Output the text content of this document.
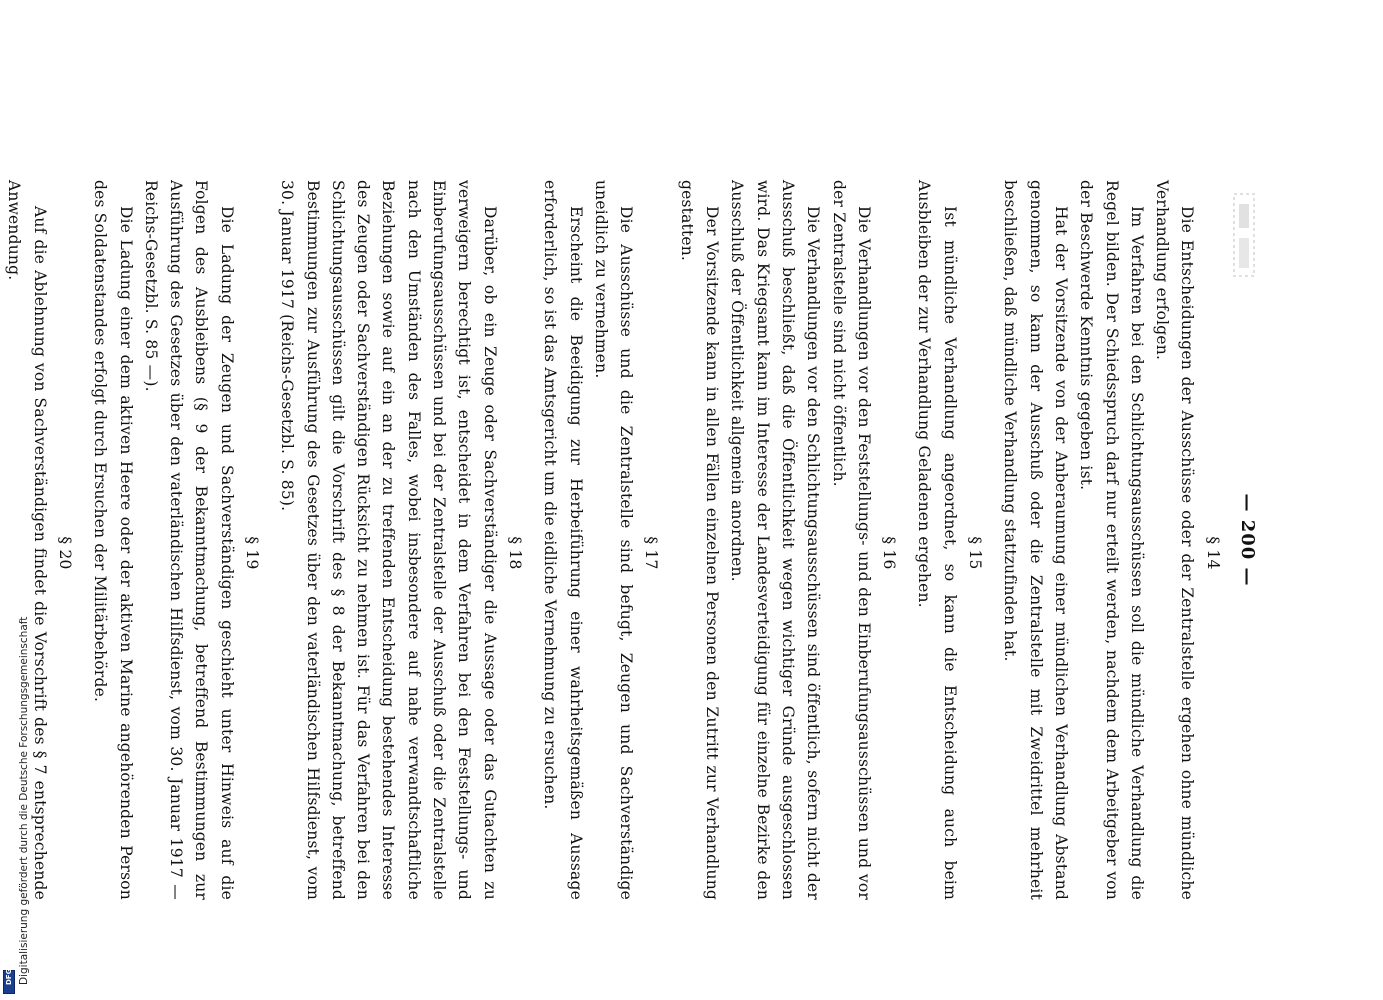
Digitalisierung gefördert durch die Deutsche Forschungsgemeinschaft
DFG
— 200 —

§ 14

Die Entscheidungen der Ausschüsse oder der Zentralstelle ergehen ohne mündliche Verhandlung erfolgen.

Im Verfahren bei den Schlichtungsausschüssen soll die mündliche Verhandlung die Regel bilden. Der Schiedsspruch darf nur erteilt werden, nachdem dem Arbeitgeber von der Beschwerde Kenntnis gegeben ist.

Hat der Vorsitzende von der Anberaumung einer mündlichen Verhandlung Abstand genommen, so kann der Ausschuß oder die Zentralstelle mit Zweidrittel mehrheit beschließen, daß mündliche Verhandlung stattzufinden hat.

§ 15

Ist mündliche Verhandlung angeordnet, so kann die Entscheidung auch beim Ausbleiben der zur Verhandlung Geladenen ergehen.

§ 16

Die Verhandlungen vor den Feststellungs- und den Einberufungsausschüssen und vor der Zentralstelle sind nicht öffentlich.

Die Verhandlungen vor den Schlichtungsausschüssen sind öffentlich, sofern nicht der Ausschuß beschließt, daß die Öffentlichkeit wegen wichtiger Gründe ausgeschlossen wird. Das Kriegsamt kann im Interesse der Landesverteidigung für einzelne Bezirke den Ausschluß der Öffentlichkeit allgemein anordnen.

Der Vorsitzende kann in allen Fällen einzelnen Personen den Zutritt zur Verhandlung gestatten.

§ 17

Die Ausschüsse und die Zentralstelle sind befugt, Zeugen und Sachverständige uneidlich zu vernehmen.

Erscheint die Beeidigung zur Herbeiführung einer wahrheitsgemäßen Aussage erforderlich, so ist das Amtsgericht um die eidliche Vernehmung zu ersuchen.

§ 18

Darüber, ob ein Zeuge oder Sachverständiger die Aussage oder das Gutachten zu verweigern berechtigt ist, entscheidet in dem Verfahren bei den Feststellungs- und Einberufungsausschüssen und bei der Zentralstelle der Ausschuß oder die Zentralstelle nach den Umständen des Falles, wobei insbesondere auf nahe verwandtschaftliche Beziehungen sowie auf ein an der zu treffenden Entscheidung bestehendes Interesse des Zeugen oder Sachverständigen Rücksicht zu nehmen ist. Für das Verfahren bei den Schlichtungsausschüssen gilt die Vorschrift des § 8 der Bekanntmachung, betreffend Bestimmungen zur Ausführung des Gesetzes über den vaterländischen Hilfsdienst, vom 30. Januar 1917 (Reichs-Gesetzbl. S. 85).

§ 19

Die Ladung der Zeugen und Sachverständigen geschieht unter Hinweis auf die Folgen des Ausbleibens (§ 9 der Bekanntmachung, betreffend Bestimmungen zur Ausführung des Gesetzes über den vaterländischen Hilfsdienst, vom 30. Januar 1917 — Reichs-Gesetzbl. S. 85 —).

Die Ladung einer dem aktiven Heere oder der aktiven Marine angehörenden Person des Soldatenstandes erfolgt durch Ersuchen der Militärbehörde.

§ 20

Auf die Ablehnung von Sachverständigen findet die Vorschrift des § 7 entsprechende Anwendung.
